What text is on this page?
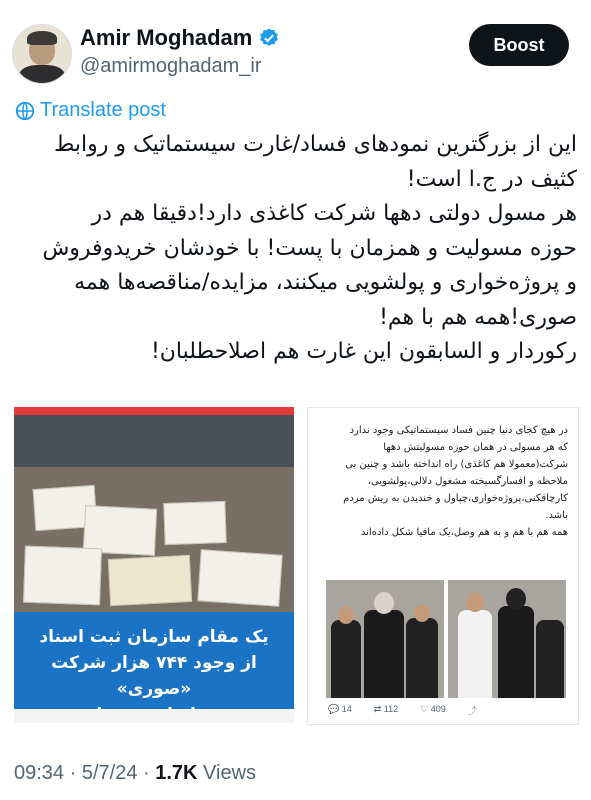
Amir Moghadam
@amirmoghadam_ir
Boost
Translate post
این از بزرگترین نمودهای فساد/غارت سیستماتیک و روابط
کثیف در ج.ا است!
هر مسول دولتی دهها شرکت کاغذی دارد!دقیقا هم در
حوزه مسولیت و همزمان با پست! با خودشان خریدوفروش
و پروژه‌خواری و پولشویی میکنند، مزایده/مناقصه‌ها همه
صوری!همه هم با هم!
رکوردار و السابقون این غارت هم اصلاحطلبان!
یک مقام سازمان ثبت اسناد
از وجود ۷۴۴ هزار شرکت «صوری»
در هیچ کجای دنیا چنین فساد سیستماتیکی وجود ندارد
که هر مسولی در همان حوزه مسولیتش دهها
شرکت(معمولا هم کاغذی) راه انداخته باشد و چنین بی
ملاحظه و افسارگسیخته مشغول دلالی،پولشویی،
کارچاقکنی،پروژه‌خواری،چپاول و خندیدن به ریش مردم
باشد.
همه هم با هم و به هم وصل،یک مافیا شکل داده‌اند
💬 14 ⇄ 112 ♡ 409 ⤴
09:34 · 5/7/24 · 1.7K Views
